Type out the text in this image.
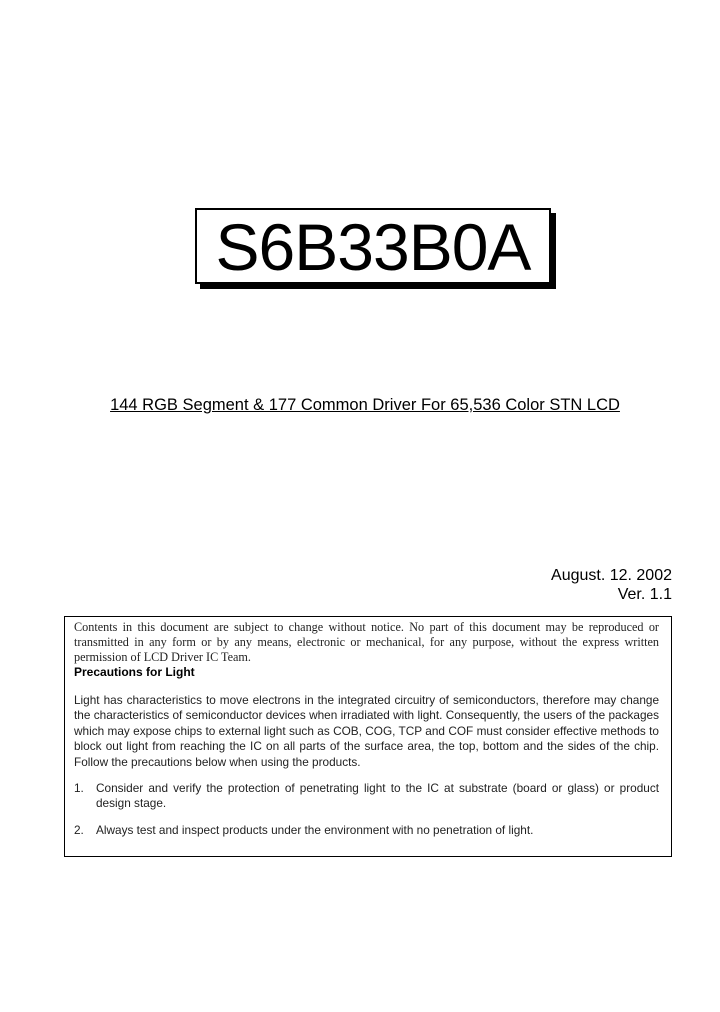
S6B33B0A
144 RGB Segment & 177 Common Driver For 65,536 Color STN LCD
August. 12. 2002
Ver. 1.1
Contents in this document are subject to change without notice. No part of this document may be reproduced or transmitted in any form or by any means, electronic or mechanical, for any purpose, without the express written permission of LCD Driver IC Team.
Precautions for Light
Light has characteristics to move electrons in the integrated circuitry of semiconductors, therefore may change the characteristics of semiconductor devices when irradiated with light. Consequently, the users of the packages which may expose chips to external light such as COB, COG, TCP and COF must consider effective methods to block out light from reaching the IC on all parts of the surface area, the top, bottom and the sides of the chip. Follow the precautions below when using the products.
1.	Consider and verify the protection of penetrating light to the IC at substrate (board or glass) or product design stage.
2.	Always test and inspect products under the environment with no penetration of light.
